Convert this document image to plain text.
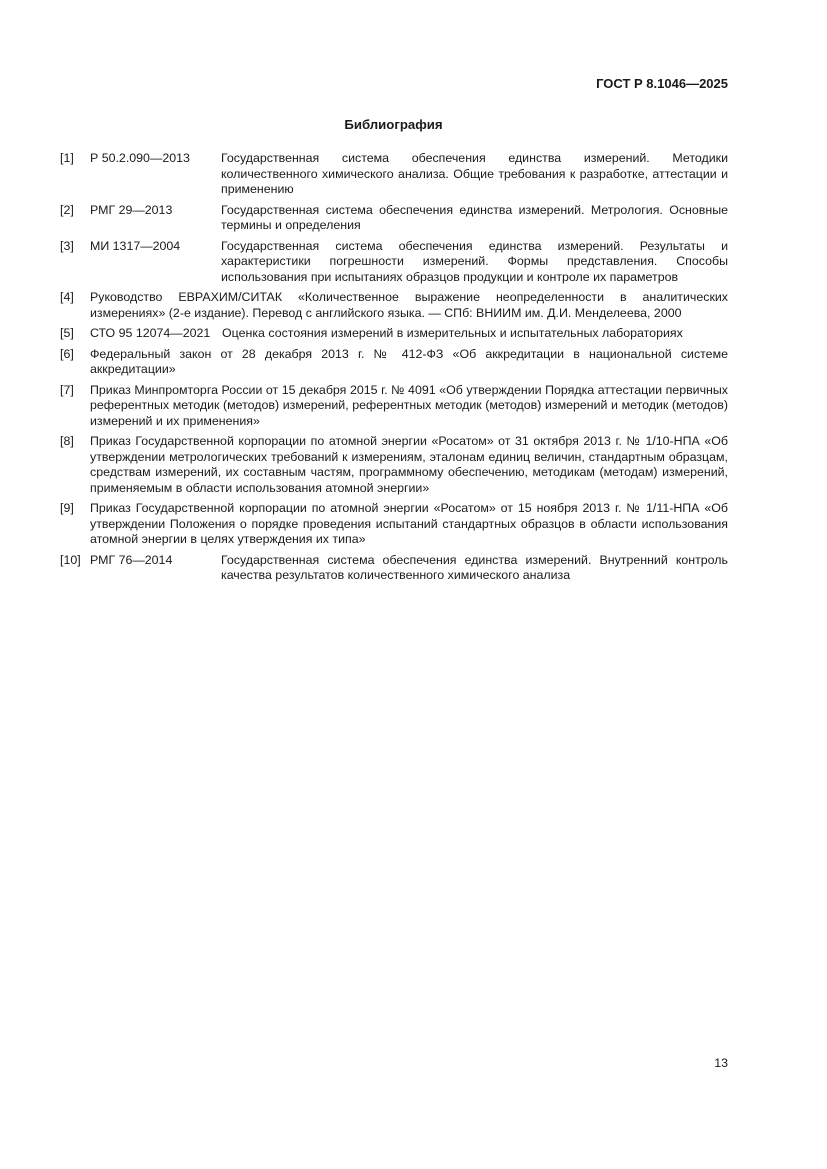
ГОСТ Р 8.1046—2025
Библиография
[1] Р 50.2.090—2013	Государственная система обеспечения единства измерений. Методики количественного химического анализа. Общие требования к разработке, аттестации и применению
[2] РМГ 29—2013	Государственная система обеспечения единства измерений. Метрология. Основные термины и определения
[3] МИ 1317—2004	Государственная система обеспечения единства измерений. Результаты и характеристики погрешности измерений. Формы представления. Способы использования при испытаниях образцов продукции и контроле их параметров
[4] Руководство ЕВРАХИМ/СИТАК «Количественное выражение неопределенности в аналитических измерениях» (2-е издание). Перевод с английского языка. — СПб: ВНИИМ им. Д.И. Менделеева, 2000
[5] СТО 95 12074—2021 Оценка состояния измерений в измерительных и испытательных лабораториях
[6] Федеральный закон от 28 декабря 2013 г. № 412-ФЗ «Об аккредитации в национальной системе аккредитации»
[7] Приказ Минпромторга России от 15 декабря 2015 г. № 4091 «Об утверждении Порядка аттестации первичных референтных методик (методов) измерений, референтных методик (методов) измерений и методик (методов) измерений и их применения»
[8] Приказ Государственной корпорации по атомной энергии «Росатом» от 31 октября 2013 г. № 1/10-НПА «Об утверждении метрологических требований к измерениям, эталонам единиц величин, стандартным образцам, средствам измерений, их составным частям, программному обеспечению, методикам (методам) измерений, применяемым в области использования атомной энергии»
[9] Приказ Государственной корпорации по атомной энергии «Росатом» от 15 ноября 2013 г. № 1/11-НПА «Об утверждении Положения о порядке проведения испытаний стандартных образцов в области использования атомной энергии в целях утверждения их типа»
[10] РМГ 76—2014	Государственная система обеспечения единства измерений. Внутренний контроль качества результатов количественного химического анализа
13
